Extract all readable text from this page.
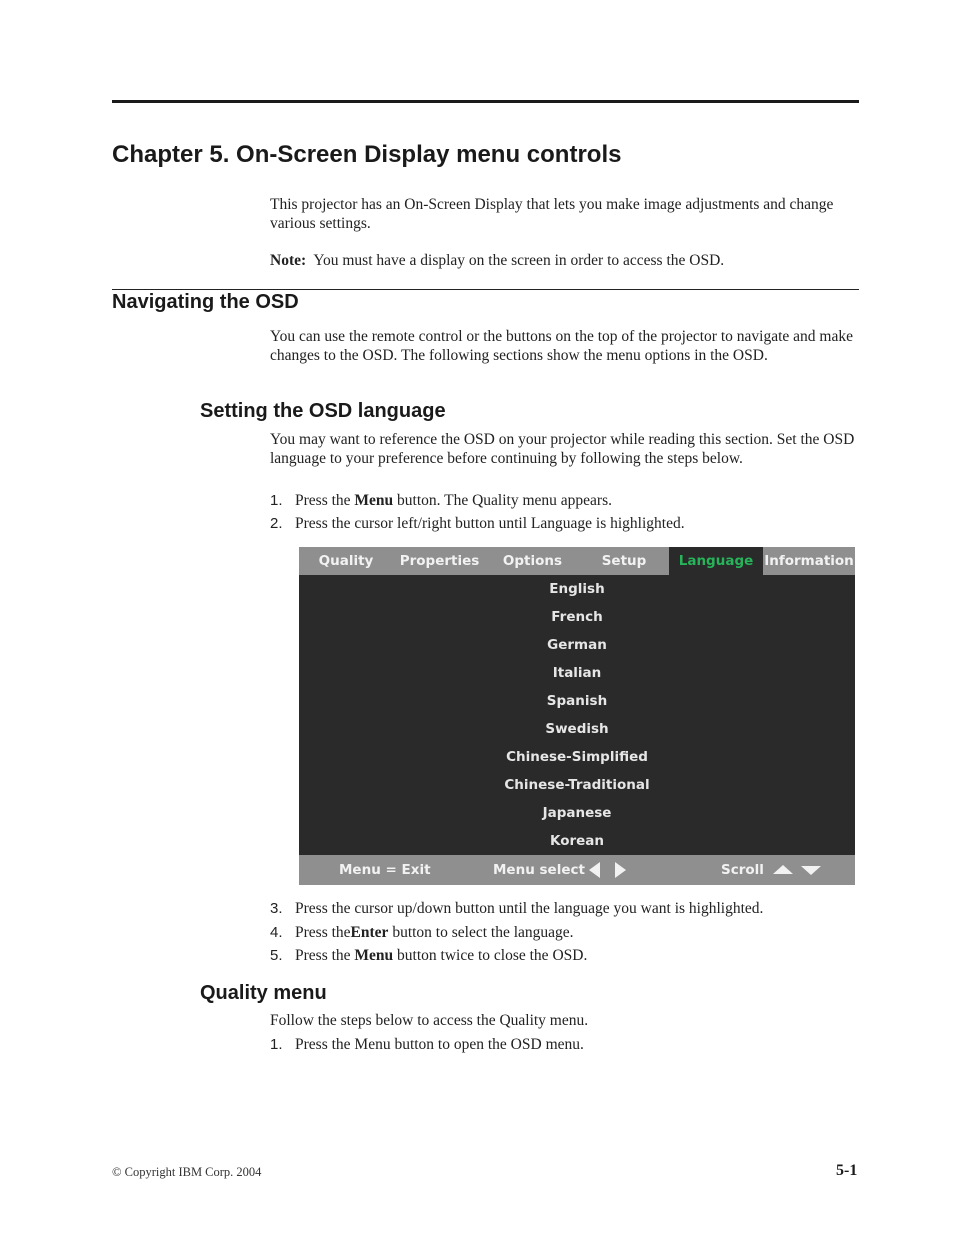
Chapter 5. On-Screen Display menu controls

This projector has an On-Screen Display that lets you make image adjustments and change various settings.

Note: You must have a display on the screen in order to access the OSD.

Navigating the OSD

You can use the remote control or the buttons on the top of the projector to navigate and make changes to the OSD. The following sections show the menu options in the OSD.

Setting the OSD language

You may want to reference the OSD on your projector while reading this section. Set the OSD language to your preference before continuing by following the steps below.

1. Press the Menu button. The Quality menu appears.

2. Press the cursor left/right button until Language is highlighted.

Quality	Properties	Options	Setup	Language Information
English
French
German
Italian
Spanish
Swedish
Chinese-Simplified
Chinese-Traditional
Japanese
Korean
Menu = Exit	Menu select	Scroll

3. Press the cursor up/down button until the language you want is highlighted.

4. Press theEnter button to select the language.

5. Press the Menu button twice to close the OSD.

Quality menu

Follow the steps below to access the Quality menu.

1. Press the Menu button to open the OSD menu.

© Copyright IBM Corp. 2004	5-1
